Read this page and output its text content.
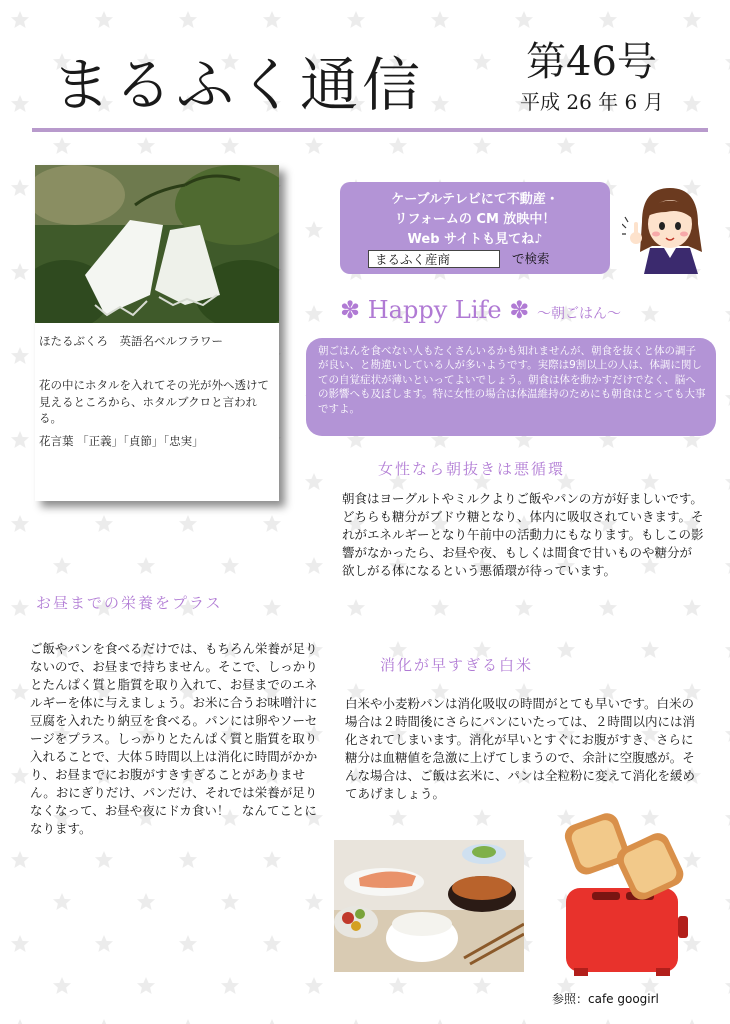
まるふく通信	第46号
平成 26 年 6 月
ほたるぶくろ　英語名ベルフラワー
花の中にホタルを入れてその光が外へ透けて見えるところから、ホタルブクロと言われる。
花言葉 「正義」「貞節」「忠実」
ケーブルテレビにて不動産・
リフォームの CM 放映中！
Web サイトも見てね♪
まるふく産商	で検索
✽ Happy Life ✽ ～朝ごはん～
朝ごはんを食べない人もたくさんいるかも知れませんが、朝食を抜くと体の調子が良い、と勘違いしている人が多いようです。実際は9割以上の人は、体調に関しての自覚症状が薄いといってよいでしょう。朝食は体を動かすだけでなく、脳への影響へも及ぼします。特に女性の場合は体温維持のためにも朝食はとっても大事ですよ。
女性なら朝抜きは悪循環
朝食はヨーグルトやミルクよりご飯やパンの方が好ましいです。どちらも糖分がブドウ糖となり、体内に吸収されていきます。それがエネルギーとなり午前中の活動力にもなります。もしこの影響がなかったら、お昼や夜、もしくは間食で甘いものや糖分が欲しがる体になるという悪循環が待っています。
お昼までの栄養をプラス
ご飯やパンを食べるだけでは、もちろん栄養が足りないので、お昼まで持ちません。そこで、しっかりとたんぱく質と脂質を取り入れて、お昼までのエネルギーを体に与えましょう。お米に合うお味噌汁に豆腐を入れたり納豆を食べる。パンには卵やソーセージをプラス。しっかりとたんぱく質と脂質を取り入れることで、大体５時間以上は消化に時間がかかり、お昼までにお腹がすきすぎることがありません。おにぎりだけ、パンだけ、それでは栄養が足りなくなって、お昼や夜にドカ食い！　なんてことになります。
消化が早すぎる白米
白米や小麦粉パンは消化吸収の時間がとても早いです。白米の場合は２時間後にさらにパンにいたっては、２時間以内には消化されてしまいます。消化が早いとすぐにお腹がすき、さらに糖分は血糖値を急激に上げてしまうので、余計に空腹感が。そんな場合は、ご飯は玄米に、パンは全粒粉に変えて消化を緩めてあげましょう。
参照：cafe googirl
